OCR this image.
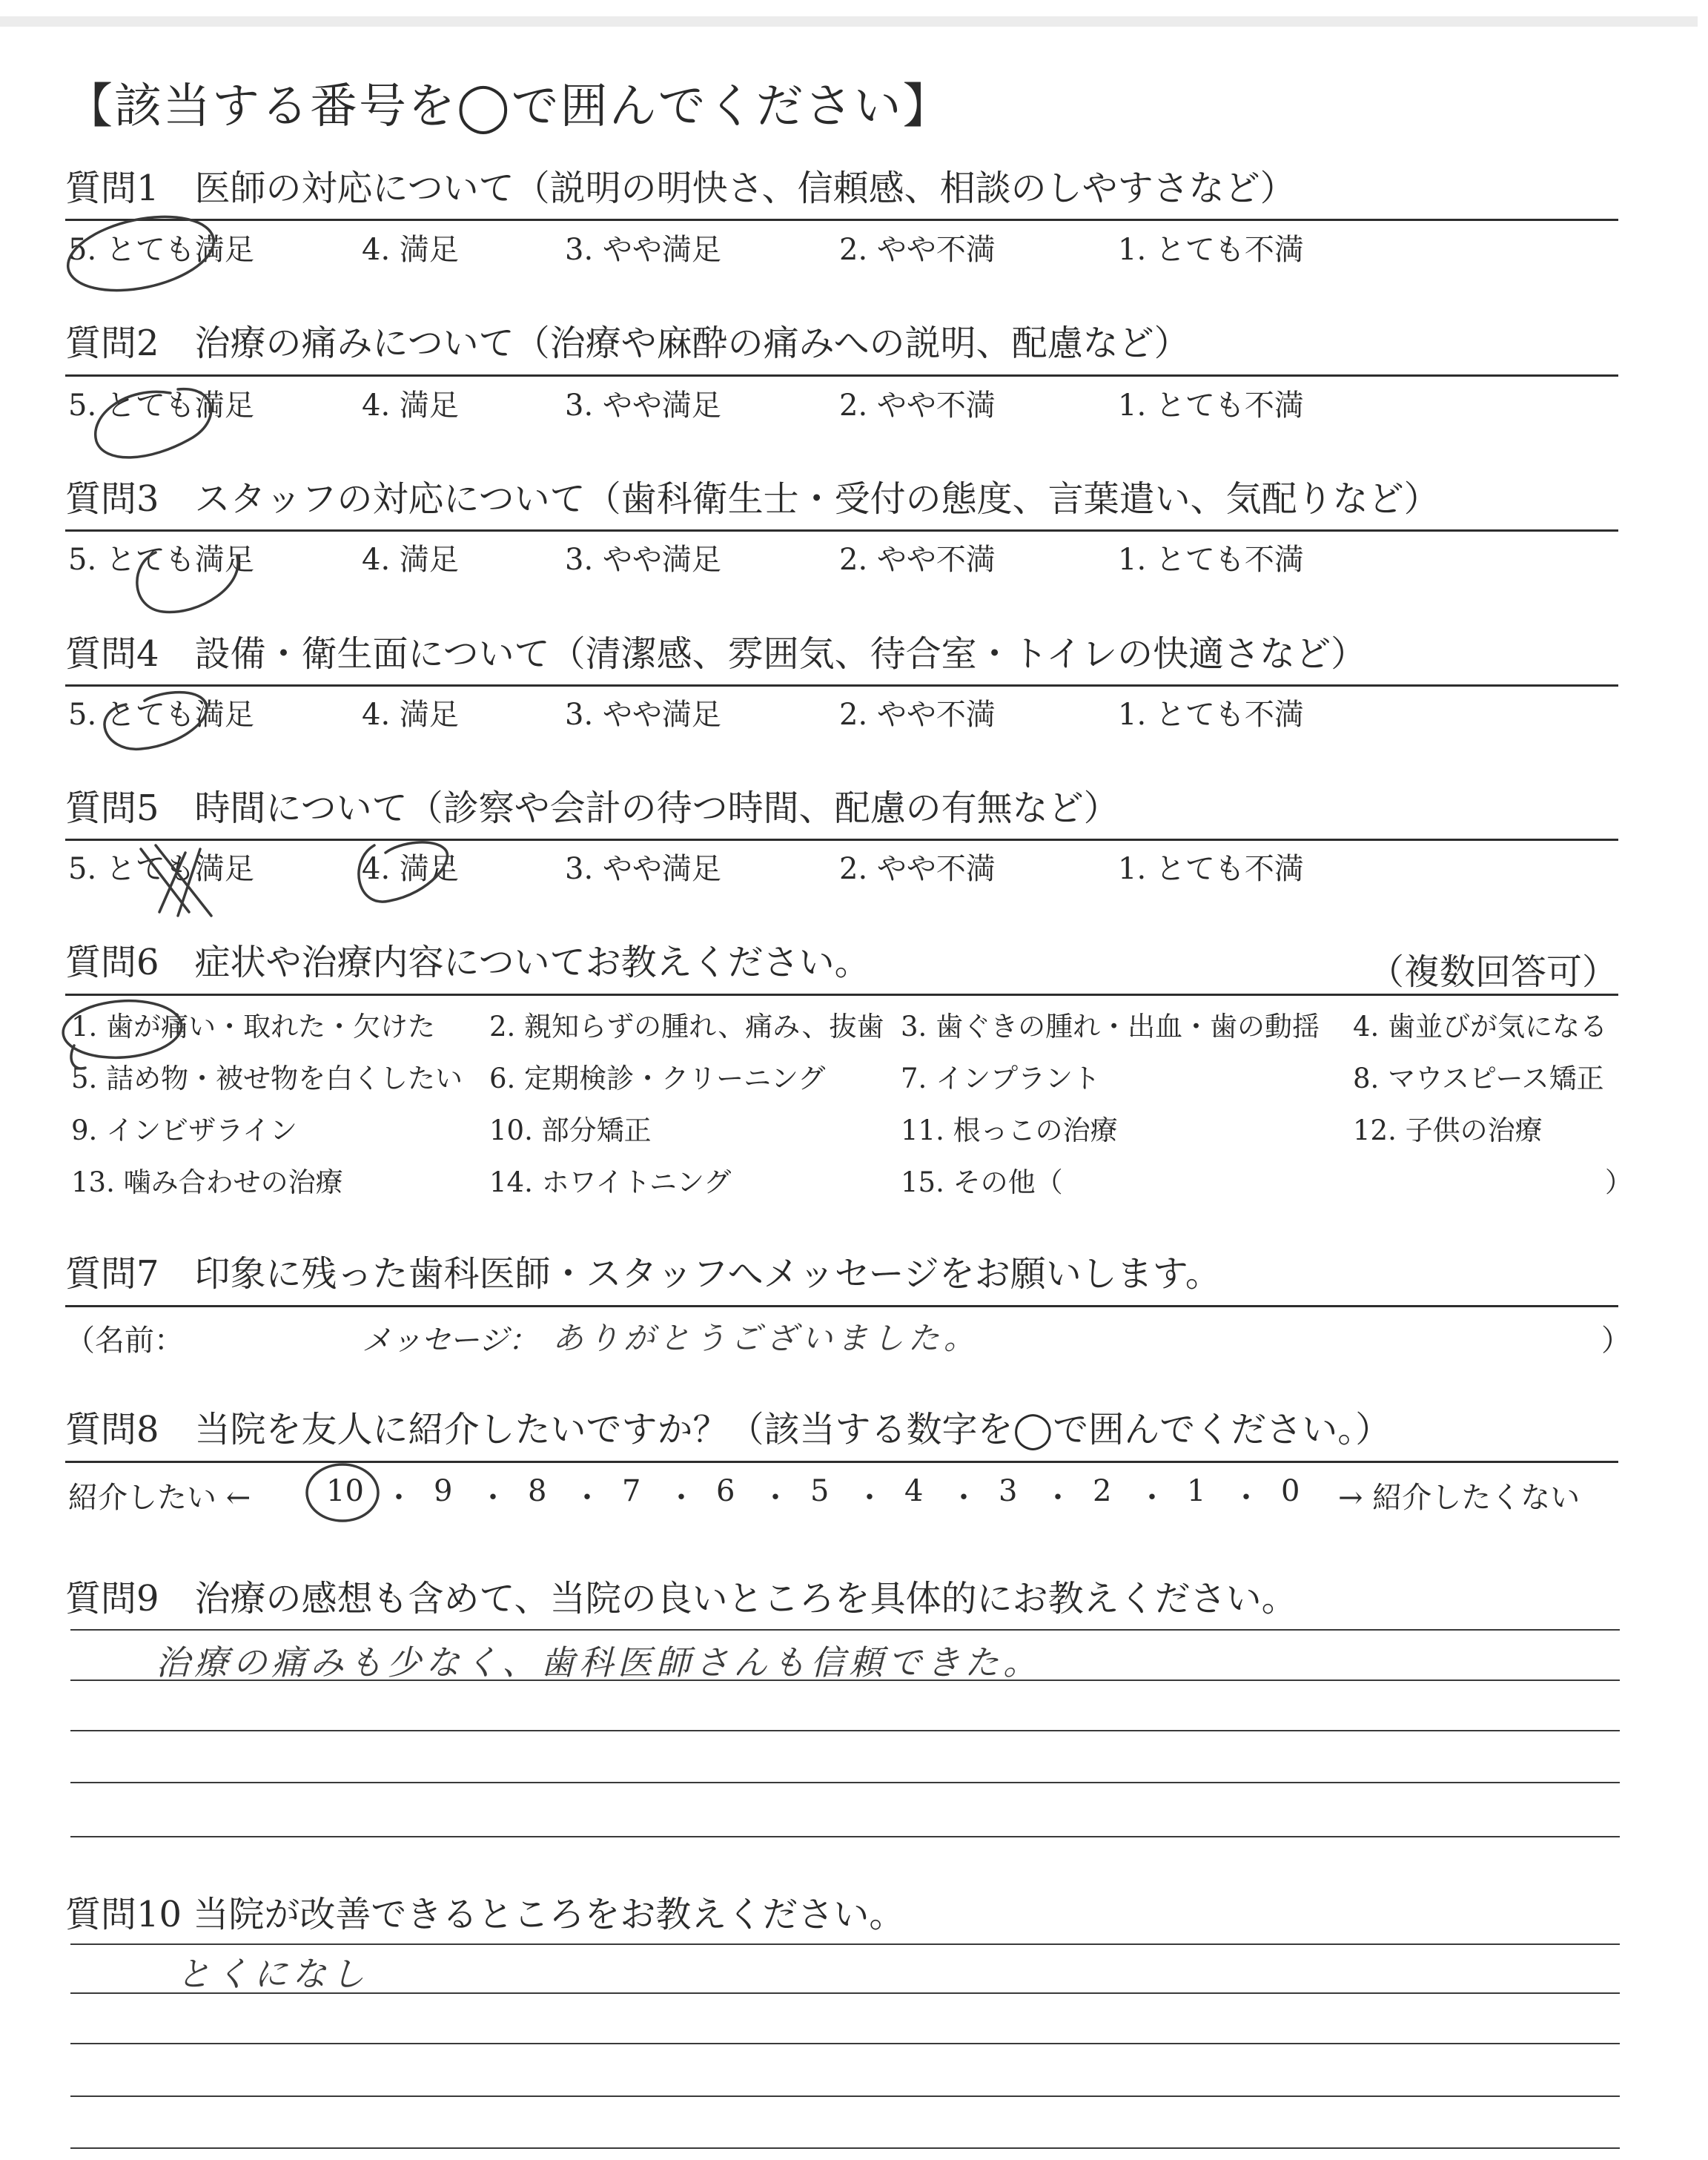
【該当する番号を◯で囲んでください】
質問1　医師の対応について（説明の明快さ、信頼感、相談のしやすさなど）
5. とても満足	4. 満足	3. やや満足	2. やや不満	1. とても不満
質問2　治療の痛みについて（治療や麻酔の痛みへの説明、配慮など）
5. とても満足	4. 満足	3. やや満足	2. やや不満	1. とても不満
質問3　スタッフの対応について（歯科衛生士・受付の態度、言葉遣い、気配りなど）
5. とても満足	4. 満足	3. やや満足	2. やや不満	1. とても不満
質問4　設備・衛生面について（清潔感、雰囲気、待合室・トイレの快適さなど）
5. とても満足	4. 満足	3. やや満足	2. やや不満	1. とても不満
質問5　時間について（診察や会計の待つ時間、配慮の有無など）
5. とても満足	4. 満足	3. やや満足	2. やや不満	1. とても不満
質問6　症状や治療内容についてお教えください。	（複数回答可）
1. 歯が痛い・取れた・欠けた 2. 親知らずの腫れ、痛み、抜歯 3. 歯ぐきの腫れ・出血・歯の動揺 4. 歯並びが気になる
5. 詰め物・被せ物を白くしたい 6. 定期検診・クリーニング	7. インプラント	8. マウスピース矯正
9. インビザライン	10. 部分矯正	11. 根っこの治療	12. 子供の治療
13. 噛み合わせの治療	14. ホワイトニング	15. その他（	）
質問7　印象に残った歯科医師・スタッフへメッセージをお願いします。
（名前：	メッセージ： ありがとうございました。	）
質問8　当院を友人に紹介したいですか？（該当する数字を◯で囲んでください。）
紹介したい ←	10 ・ 9 ・ 8 ・ 7 ・ 6 ・ 5 ・ 4 ・ 3 ・ 2 ・ 1 ・ 0 → 紹介したくない
質問9　治療の感想も含めて、当院の良いところを具体的にお教えください。
治療の痛みも少なく、歯科医師さんも信頼できた。
質問10 当院が改善できるところをお教えください。
とくになし
